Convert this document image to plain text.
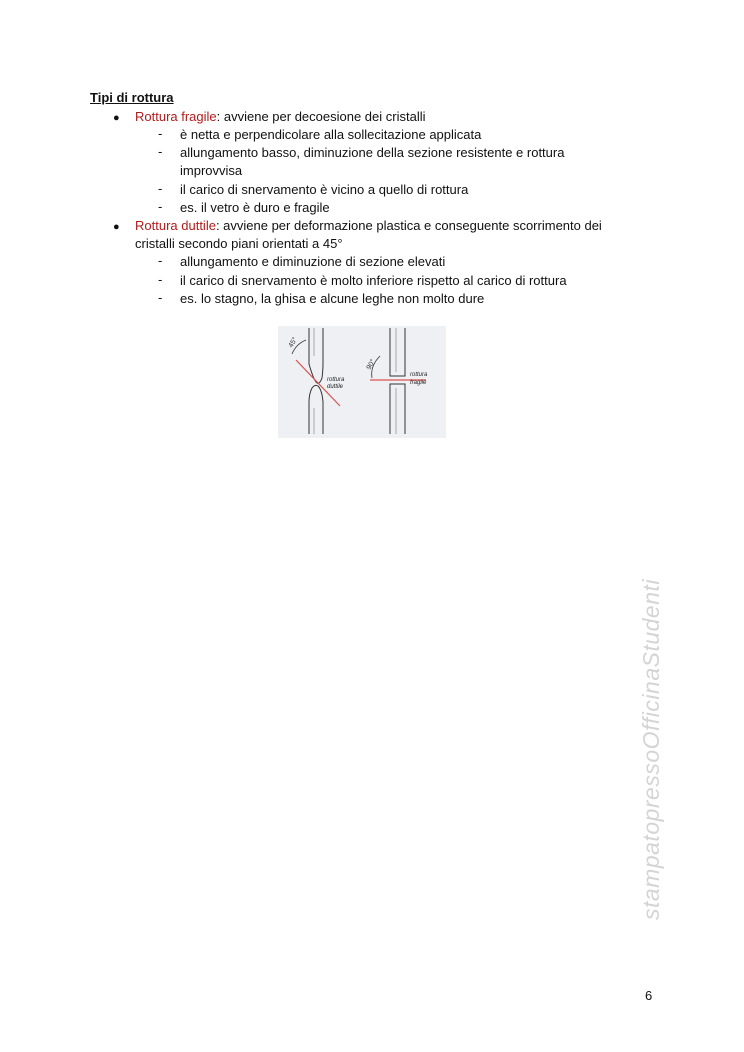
Tipi di rottura
● Rottura fragile: avviene per decoesione dei cristalli
- è netta e perpendicolare alla sollecitazione applicata
- allungamento basso, diminuzione della sezione resistente e rottura
improvvisa
- il carico di snervamento è vicino a quello di rottura
- es. il vetro è duro e fragile
● Rottura duttile: avviene per deformazione plastica e conseguente scorrimento dei
cristalli secondo piani orientati a 45°
- allungamento e diminuzione di sezione elevati
- il carico di snervamento è molto inferiore rispetto al carico di rottura
- es. lo stagno, la ghisa e alcune leghe non molto dure
45°
rottura
duttile
90°
rottura
fragile
stampatopressoOfficinaStudenti
6
